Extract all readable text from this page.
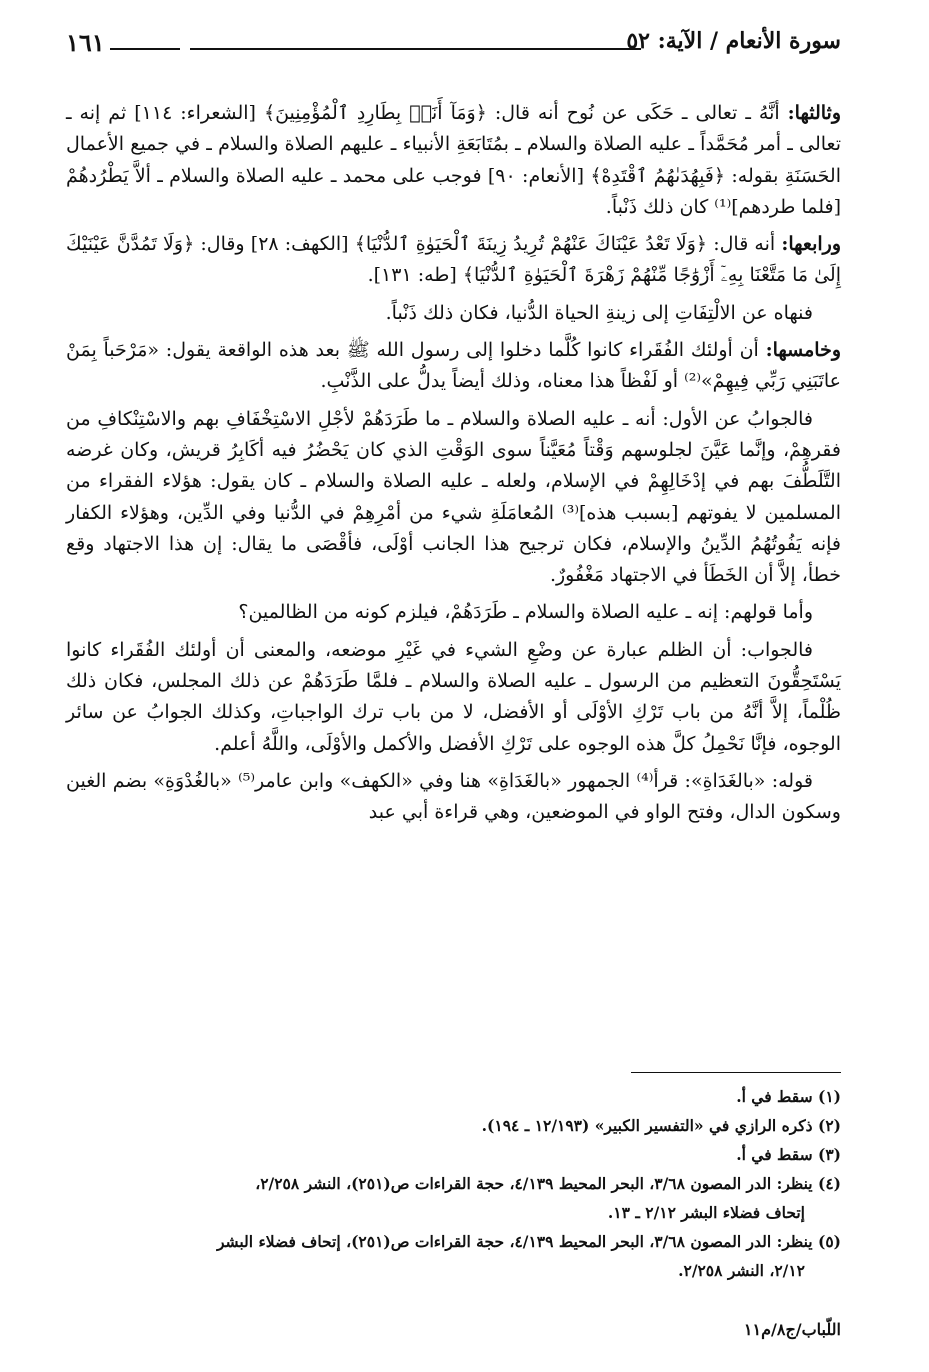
سورة الأنعام / الآية: ٥٢
١٦١

وثالثها: أنَّهُ ـ تعالى ـ حَكَى عن نُوح أنه قال: ﴿وَمَآ أَنَا۠ بِطَارِدِ ٱلْمُؤْمِنِينَ﴾ [الشعراء: ١١٤] ثم إنه ـ تعالى ـ أمر مُحَمَّداً ـ عليه الصلاة والسلام ـ بمُتَابَعَةِ الأنبياء ـ عليهم الصلاة والسلام ـ في جميع الأعمال الحَسَنَةِ بقوله: ﴿فَبِهُدَىٰهُمُ ٱقْتَدِهْ﴾ [الأنعام: ٩٠] فوجب على محمد ـ عليه الصلاة والسلام ـ ألاَّ يَطْرُدهُمْ [فلما طردهم]⁽¹⁾ كان ذلك ذَنْباً.

ورابعها: أنه قال: ﴿وَلَا تَعْدُ عَيْنَاكَ عَنْهُمْ تُرِيدُ زِينَةَ ٱلْحَيَوٰةِ ٱلدُّنْيَا﴾ [الكهف: ٢٨] وقال: ﴿وَلَا تَمُدَّنَّ عَيْنَيْكَ إِلَىٰ مَا مَتَّعْنَا بِهِۦٓ أَزْوَٰجًا مِّنْهُمْ زَهْرَةَ ٱلْحَيَوٰةِ ٱلدُّنْيَا﴾ [طه: ١٣١].

فنهاه عن الالْتِفَاتِ إلى زينةِ الحياة الدُّنيا، فكان ذلك ذَنْباً.

وخامسها: أن أولئك الفُقَراء كانوا كُلَّما دخلوا إلى رسول الله ﷺ بعد هذه الواقعة يقول: «مَرْحَباً بِمَنْ عاتَبَنِي رَبِّي فِيهِمْ»⁽²⁾ أو لَفْظاً هذا معناه، وذلك أيضاً يدلُّ على الذَّنْبِ.

فالجوابُ عن الأول: أنه ـ عليه الصلاة والسلام ـ ما طَرَدَهُمْ لأجْلِ الاسْتِخْفَافِ بهم والاسْتِنْكافِ من فقرهِمْ، وإنَّما عَيَّنَ لجلوسهم وَقْتاً مُعَيَّناً سوى الوَقْتِ الذي كان يَحْضُرُ فيه أكَابِرُ قريش، وكان غرضه التَّلَطُّفَ بهم في إدْخَالِهِمْ في الإسلام، ولعله ـ عليه الصلاة والسلام ـ كان يقول: هؤلاء الفقراء من المسلمين لا يفوتهم [بسبب هذه]⁽³⁾ المُعامَلَةِ شيء من أمْرِهِمْ في الدُّنيا وفي الدِّين، وهؤلاء الكفار فإنه يَفُوتُهُمُ الدِّينُ والإسلام، فكان ترجيح هذا الجانب أوْلَى، فأقْصَى ما يقال: إن هذا الاجتهاد وقع خطأ، إلاَّ أن الخَطَأ في الاجتهاد مَغْفُورٌ.

وأما قولهم: إنه ـ عليه الصلاة والسلام ـ طَرَدَهُمْ، فيلزم كونه من الظالمين؟

فالجواب: أن الظلم عبارة عن وضْعِ الشيء في غَيْرِ موضعه، والمعنى أن أولئك الفُقَراء كانوا يَسْتَحِقُّونَ التعظيم من الرسول ـ عليه الصلاة والسلام ـ فلمَّا طَرَدَهُمْ عن ذلك المجلس، فكان ذلك ظُلْماً، إلاَّ أنَّهُ من باب تَرْكِ الأوْلَى أو الأفضل، لا من باب ترك الواجباتِ، وكذلك الجوابُ عن سائر الوجوه، فإنَّا نَحْمِلُ كلَّ هذه الوجوه على تَرْكِ الأفضل والأكمل والأوْلَى، واللَّهُ أعلم.

قوله: «بالغَدَاةِ»: قرأ⁽⁴⁾ الجمهور «بالغَدَاةِ» هنا وفي «الكهف» وابن عامر⁽⁵⁾ «بالغُدْوَةِ» بضم الغين وسكون الدال، وفتح الواو في الموضعين، وهي قراءة أبي عبد

(١) سقط في أ.

(٢) ذكره الرازي في «التفسير الكبير» (١٢/١٩٣ ـ ١٩٤).

(٣) سقط في أ.

(٤) ينظر: الدر المصون ٣/٦٨، البحر المحيط ٤/١٣٩، حجة القراءات ص(٢٥١)، النشر ٢/٢٥٨،

إتحاف فضلاء البشر ٢/١٢ ـ ١٣.

(٥) ينظر: الدر المصون ٣/٦٨، البحر المحيط ٤/١٣٩، حجة القراءات ص(٢٥١)، إتحاف فضلاء البشر

٢/١٢، النشر ٢/٢٥٨.

اللّباب/ج٨/م١١
